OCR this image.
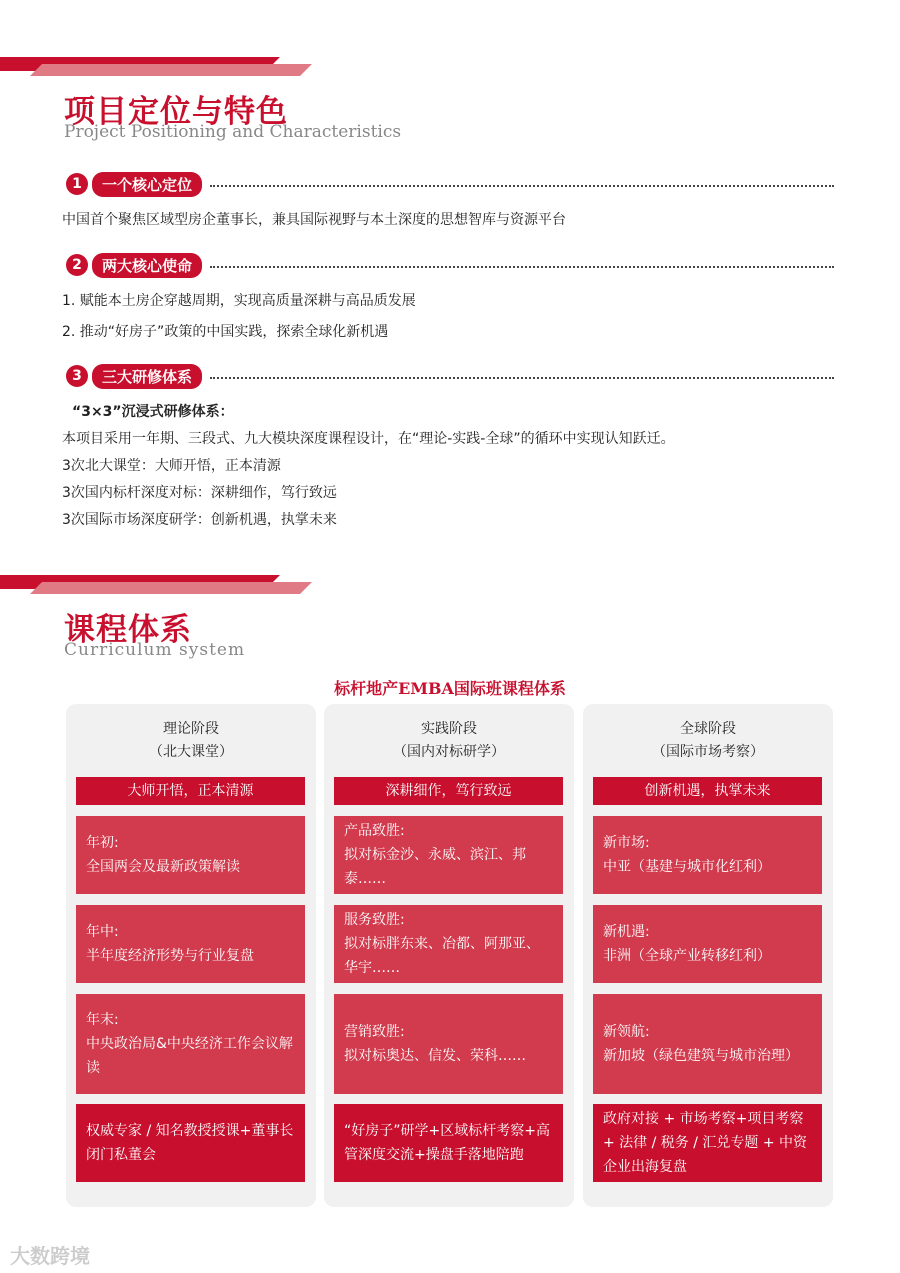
项目定位与特色
Project Positioning and Characteristics
1	一个核心定位
中国首个聚焦区域型房企董事长，兼具国际视野与本土深度的思想智库与资源平台
2	两大核心使命
1. 赋能本土房企穿越周期，实现高质量深耕与高品质发展
2. 推动“好房子”政策的中国实践，探索全球化新机遇
3	三大研修体系
“3×3”沉浸式研修体系：
本项目采用一年期、三段式、九大模块深度课程设计，在“理论-实践-全球”的循环中实现认知跃迁。
3次北大课堂：大师开悟，正本清源
3次国内标杆深度对标：深耕细作，笃行致远
3次国际市场深度研学：创新机遇，执掌未来
课程体系
Curriculum system
标杆地产EMBA国际班课程体系
理论阶段
（北大课堂）
大师开悟，正本清源
年初:
全国两会及最新政策解读
年中:
半年度经济形势与行业复盘
年末:
中央政治局&中央经济工作会议解读
权威专家 / 知名教授授课+董事长闭门私董会
实践阶段
（国内对标研学）
深耕细作，笃行致远
产品致胜:
拟对标金沙、永威、滨江、邦泰……
服务致胜:
拟对标胖东来、冶都、阿那亚、华宇……
营销致胜:
拟对标奥达、信发、荣科……
“好房子”研学+区域标杆考察+高管深度交流+操盘手落地陪跑
全球阶段
（国际市场考察）
创新机遇，执掌未来
新市场:
中亚（基建与城市化红利）
新机遇:
非洲（全球产业转移红利）
新领航:
新加坡（绿色建筑与城市治理）
政府对接 + 市场考察+项目考察 + 法律 / 税务 / 汇兑专题 + 中资企业出海复盘
大数跨境
